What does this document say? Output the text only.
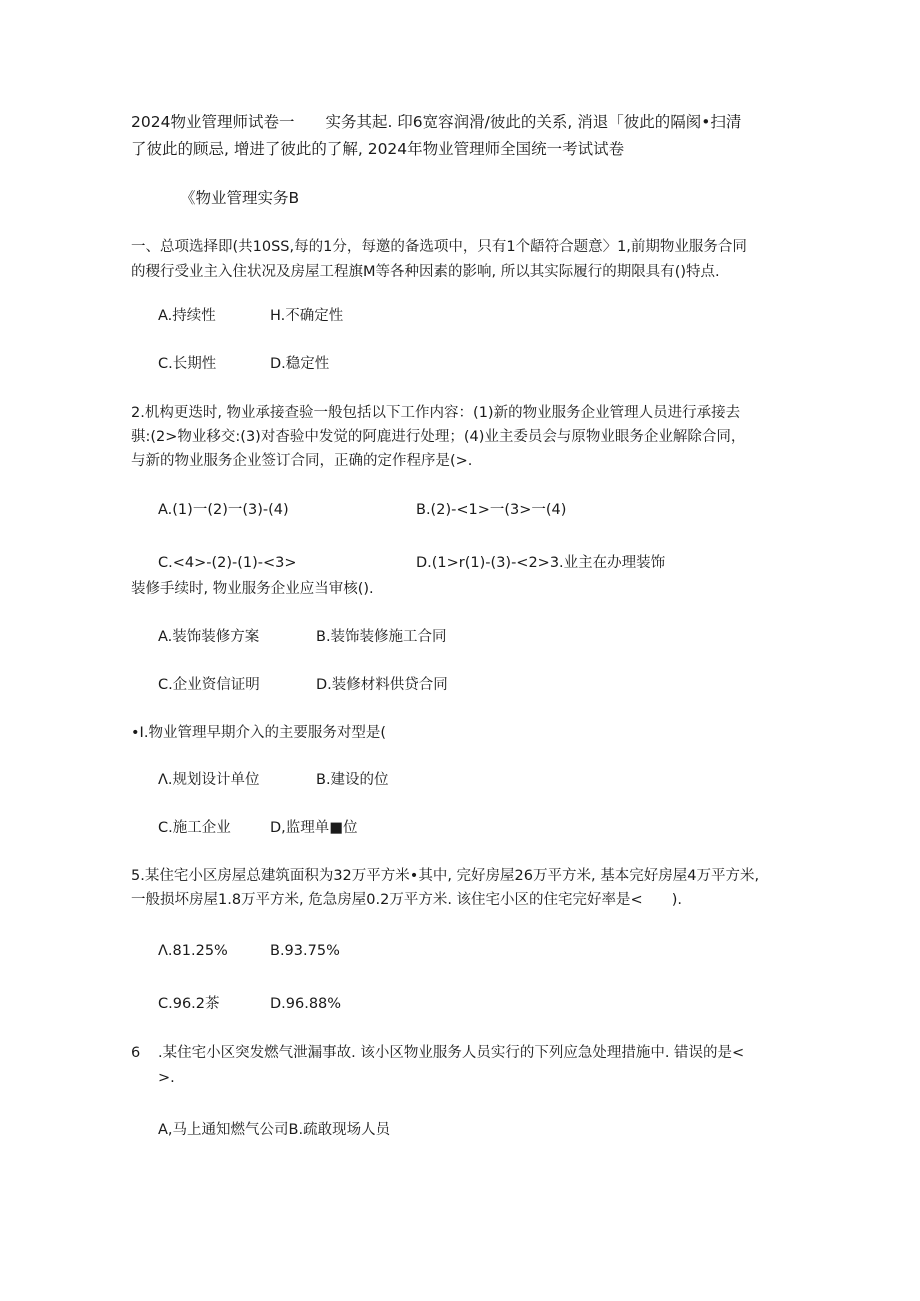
2024物业管理师试卷一　　实务其起. 印6宽容润滑/彼此的关系, 消退「彼此的隔阂•扫清
了彼此的顾忌, 增进了彼此的了解, 2024年物业管理师全国统一考试试卷
《物业管理实务B
一、总项选择即(共10SS,每的1分，每邀的备选项中，只有1个龉符合题意〉1,前期物业服务合同
的稷行受业主入住状况及房屋工程旗M等各种因素的影响, 所以其实际履行的期限具有()特点.
A.持续性	H.不确定性
C.长期性	D.稳定性
2.机构更迭时, 物业承接查验一般包括以下工作内容：(1)新的物业服务企业管理人员进行承接去
骐:(2>物业移交:(3)对杳验中发觉的阿鹿进行处理；(4)业主委员会与原物业眼务企业解除合同，
与新的物业服务企业签订合同，正确的定作程序是(>.
A.(1)一(2)一(3)-(4)	B.(2)-<1>一(3>一(4)
C.<4>-(2)-(1)-<3>	D.(1>r(1)-(3)-<2>3.业主在办理装饰
装修手续时, 物业服务企业应当审核().
A.装饰装修方案	B.装饰装修施工合同
C.企业资信证明	D.装修材料供贷合同
•I.物业管理早期介入的主要服务对型是(
Λ.规划设计单位	B.建设的位
C.施工企业	D,监理单■位
5.某住宅小区房屋总建筑面积为32万平方米•其中, 完好房屋26万平方米, 基本完好房屋4万平方米,
一般损坏房屋1.8万平方米, 危急房屋0.2万平方米. 该住宅小区的住宅完好率是<　　).
Λ.81.25%	B.93.75%
C.96.2茶	D.96.88%
6 .某住宅小区突发燃气泄漏事故. 该小区物业服务人员实行的下列应急处理措施中. 错误的是<
>.
A,马上通知燃气公司B.疏敢现场人员
